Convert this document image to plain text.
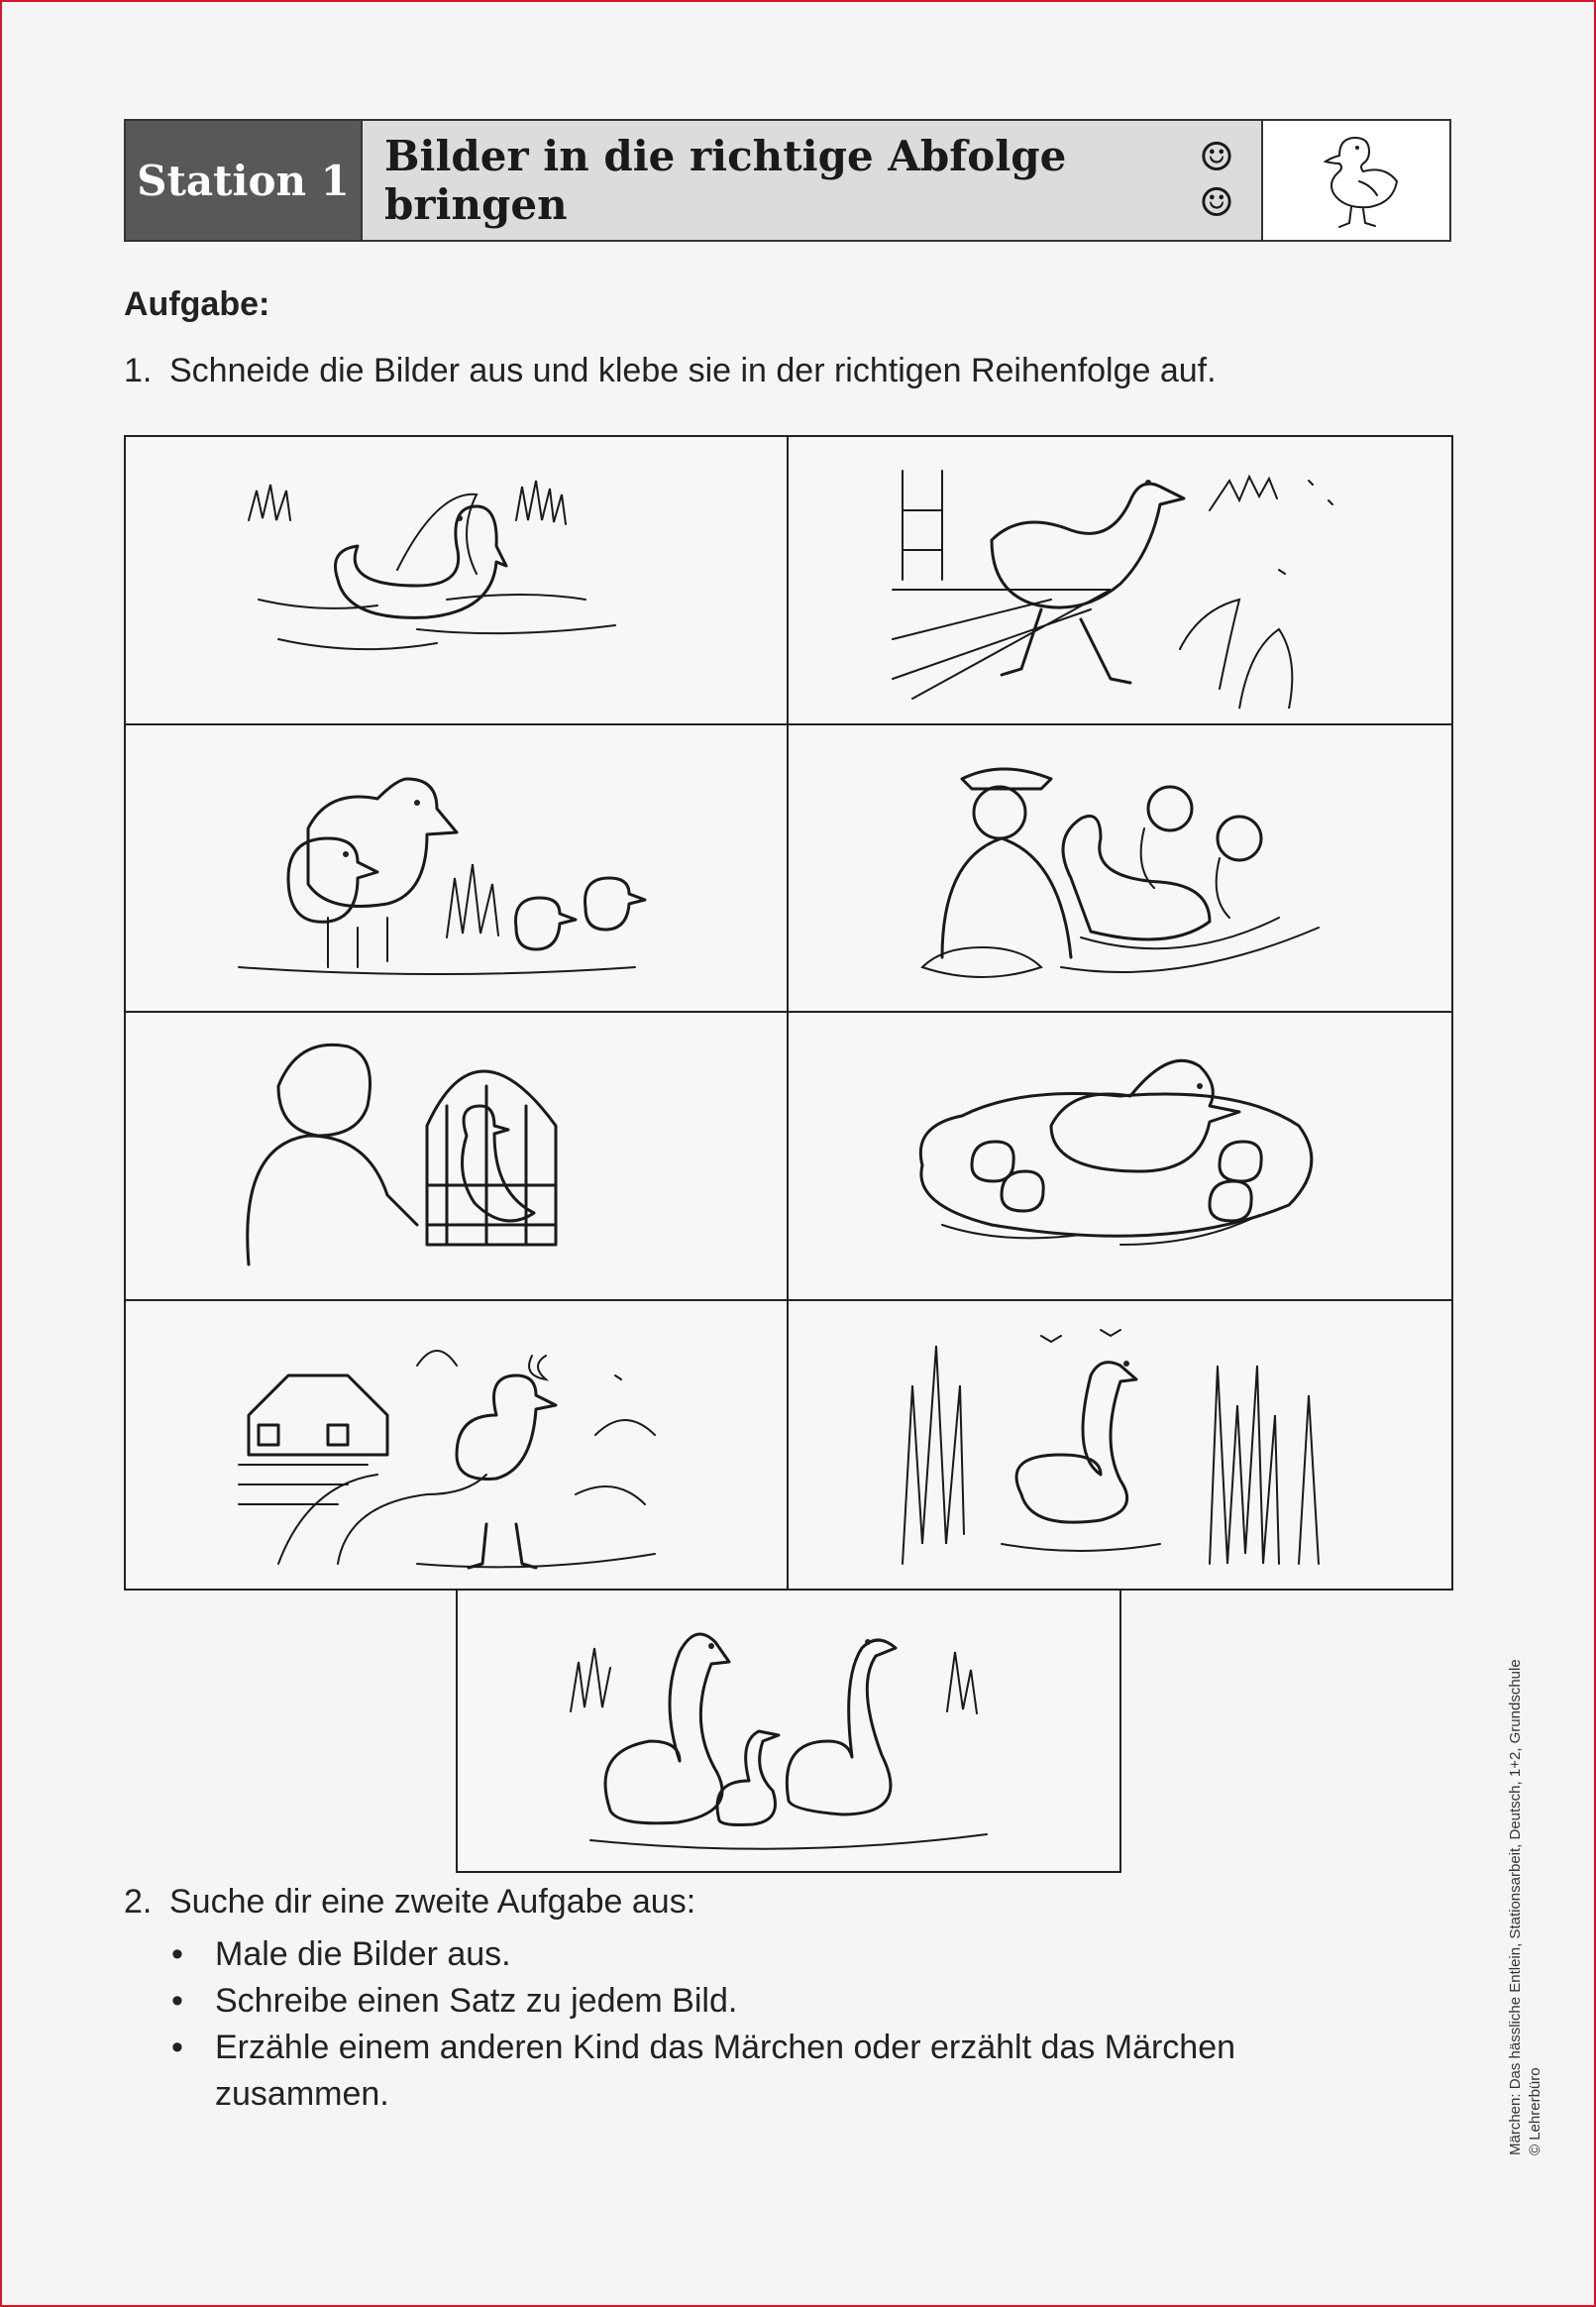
Station 1 Bilder in die richtige Abfolge bringen
☺☺
Aufgabe:
1. Schneide die Bilder aus und klebe sie in der richtigen Reihenfolge auf.
2. Suche dir eine zweite Aufgabe aus:
• Male die Bilder aus.
• Schreibe einen Satz zu jedem Bild.
• Erzähle einem anderen Kind das Märchen oder erzählt das Märchen zusammen.	Märchen: Das hässliche Entlein, Stationsarbeit, Deutsch, 1+2, Grundschule © Lehrerbüro
